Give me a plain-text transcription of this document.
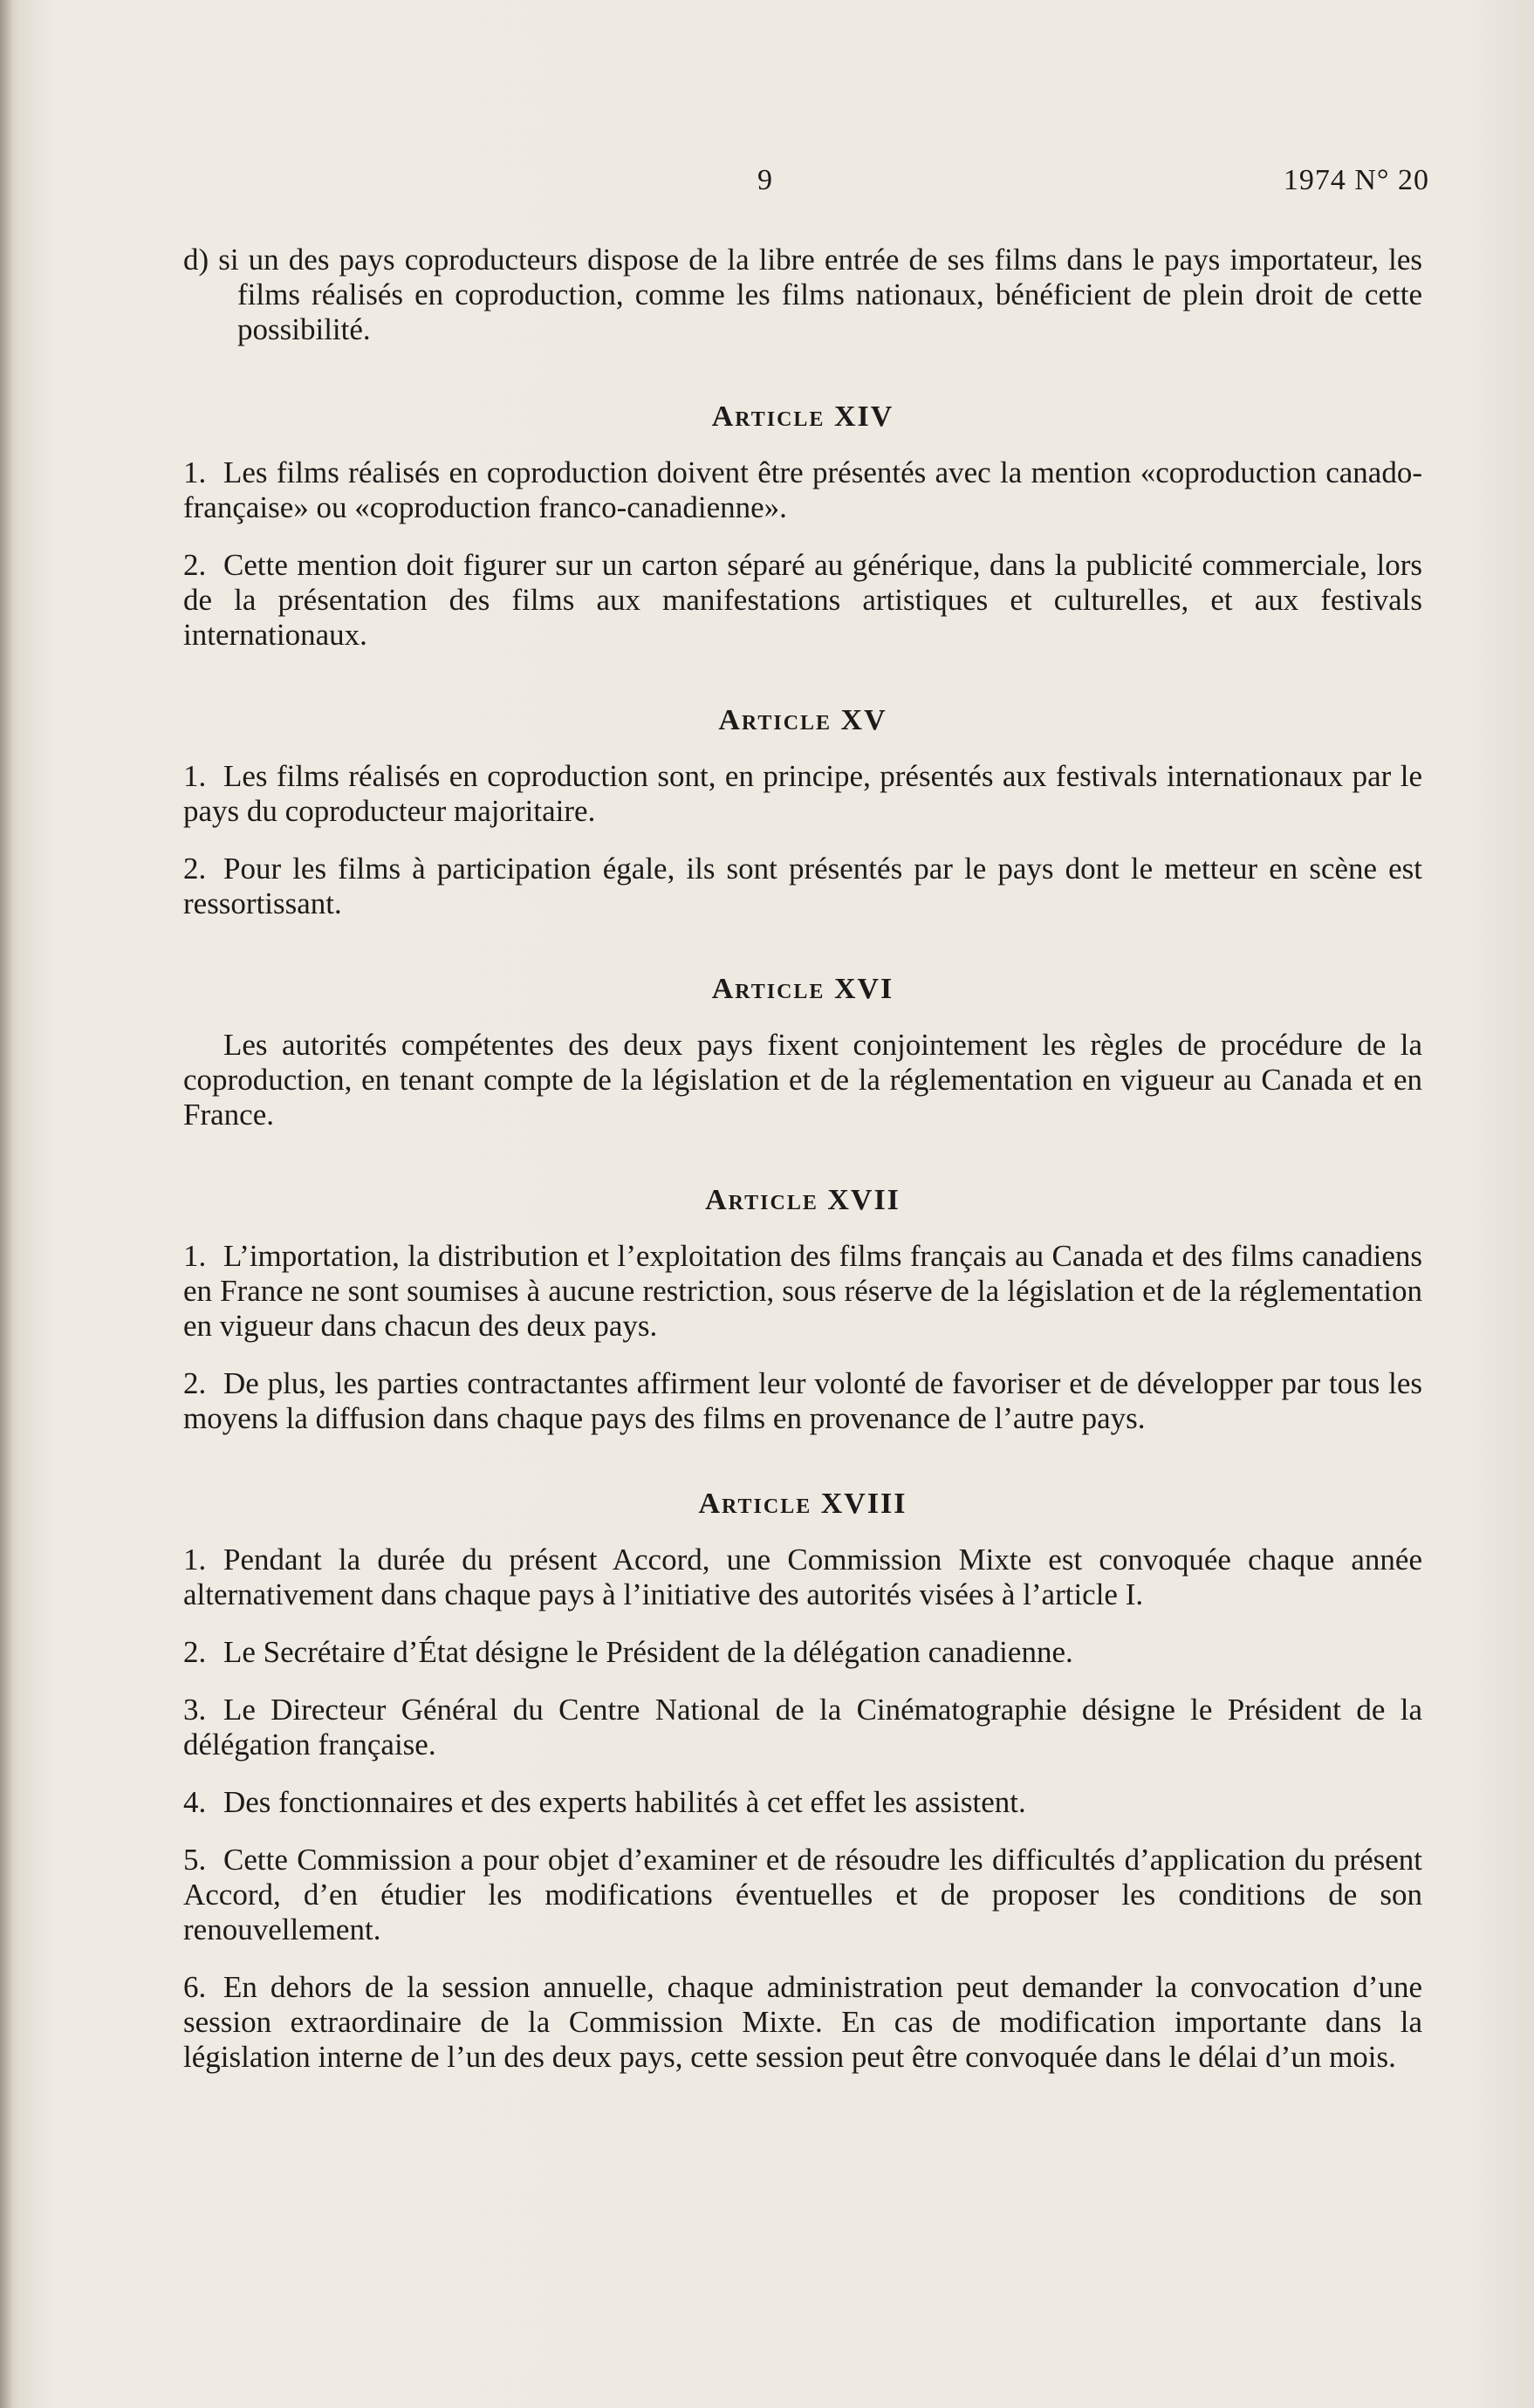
9	1974 N° 20

d) si un des pays coproducteurs dispose de la libre entrée de ses films dans le pays importateur, les films réalisés en coproduction, comme les films nationaux, bénéficient de plein droit de cette possibilité.

Article XIV

1. Les films réalisés en coproduction doivent être présentés avec la mention «coproduction canado- française» ou «coproduction franco-canadienne».

2. Cette mention doit figurer sur un carton séparé au générique, dans la publicité commerciale, lors de la présentation des films aux manifestations artistiques et culturelles, et aux festivals internationaux.

Article XV

1. Les films réalisés en coproduction sont, en principe, présentés aux festivals internationaux par le pays du coproducteur majoritaire.

2. Pour les films à participation égale, ils sont présentés par le pays dont le metteur en scène est ressortissant.

Article XVI

Les autorités compétentes des deux pays fixent conjointement les règles de procédure de la coproduction, en tenant compte de la législation et de la réglementation en vigueur au Canada et en France.

Article XVII

1. L’importation, la distribution et l’exploitation des films français au Canada et des films canadiens en France ne sont soumises à aucune restriction, sous réserve de la législation et de la réglementation en vigueur dans chacun des deux pays.

2. De plus, les parties contractantes affirment leur volonté de favoriser et de développer par tous les moyens la diffusion dans chaque pays des films en provenance de l’autre pays.

Article XVIII

1. Pendant la durée du présent Accord, une Commission Mixte est convoquée chaque année alternativement dans chaque pays à l’initiative des autorités visées à l’article I.

2. Le Secrétaire d’État désigne le Président de la délégation canadienne.

3. Le Directeur Général du Centre National de la Cinématographie désigne le Président de la délégation française.

4. Des fonctionnaires et des experts habilités à cet effet les assistent.

5. Cette Commission a pour objet d’examiner et de résoudre les difficultés d’application du présent Accord, d’en étudier les modifications éventuelles et de proposer les conditions de son renouvellement.

6. En dehors de la session annuelle, chaque administration peut demander la convocation d’une session extraordinaire de la Commission Mixte. En cas de modification importante dans la législation interne de l’un des deux pays, cette session peut être convoquée dans le délai d’un mois.
